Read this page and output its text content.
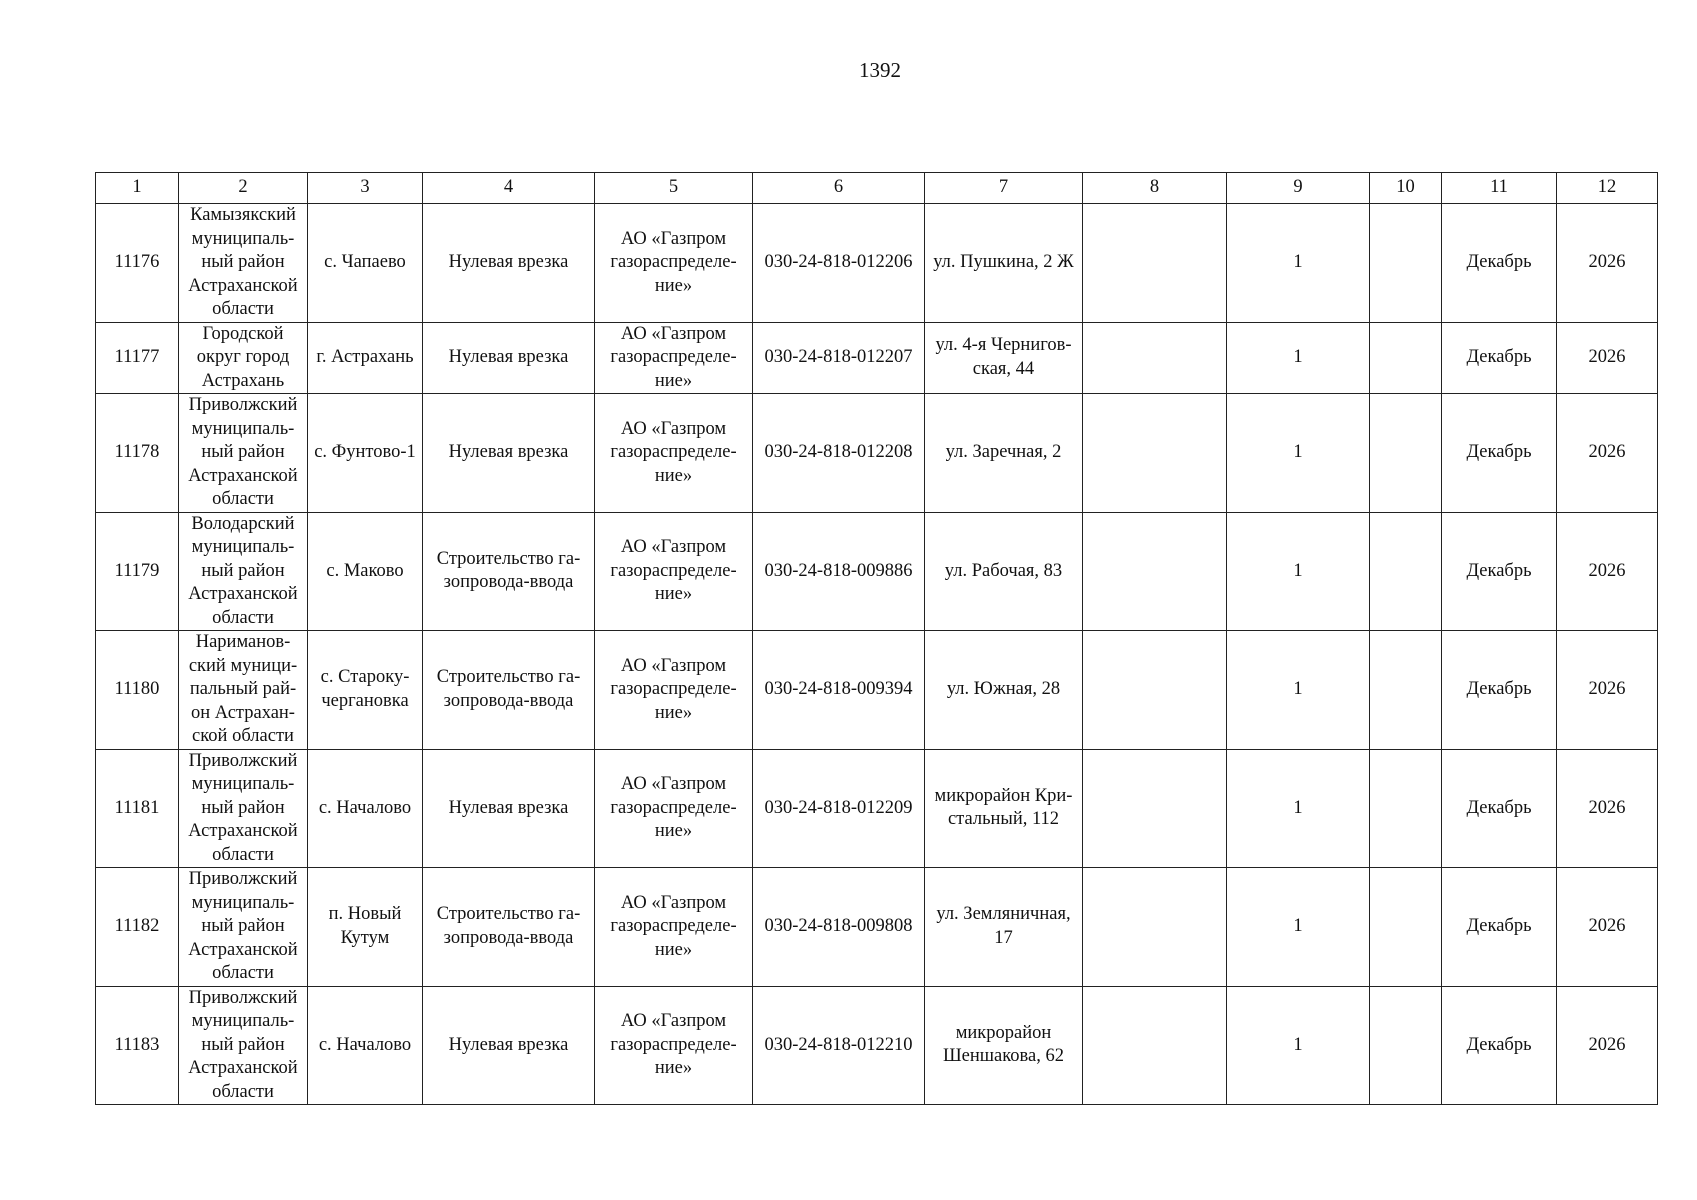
1392
1	2	3	4	5	6	7	8	9	10	11	12

11176	Камызякский
муниципаль-
ный район
Астраханской
области	с. Чапаево	Нулевая врезка	АО «Газпром
газораспределе-
ние»	030-24-818-012206	ул. Пушкина, 2 Ж		1		Декабрь	2026

11177	Городской
округ город
Астрахань	г. Астрахань	Нулевая врезка	АО «Газпром
газораспределе-
ние»	030-24-818-012207	ул. 4-я Чернигов-
ская, 44		1		Декабрь	2026

11178	Приволжский
муниципаль-
ный район
Астраханской
области	с. Фунтово-1	Нулевая врезка	АО «Газпром
газораспределе-
ние»	030-24-818-012208	ул. Заречная, 2		1		Декабрь	2026

11179	Володарский
муниципаль-
ный район
Астраханской
области	с. Маково	Строительство га-
зопровода-ввода	АО «Газпром
газораспределе-
ние»	030-24-818-009886	ул. Рабочая, 83		1		Декабрь	2026

11180	Нариманов-
ский муници-
пальный рай-
он Астрахан-
ской области	с. Староку-
чергановка	Строительство га-
зопровода-ввода	АО «Газпром
газораспределе-
ние»	030-24-818-009394	ул. Южная, 28		1		Декабрь	2026

11181	Приволжский
муниципаль-
ный район
Астраханской
области	с. Началово	Нулевая врезка	АО «Газпром
газораспределе-
ние»	030-24-818-012209	микрорайон Кри-
стальный, 112		1		Декабрь	2026

11182	Приволжский
муниципаль-
ный район
Астраханской
области	п. Новый
Кутум	Строительство га-
зопровода-ввода	АО «Газпром
газораспределе-
ние»	030-24-818-009808	ул. Земляничная,
17		1		Декабрь	2026

11183	Приволжский
муниципаль-
ный район
Астраханской
области	с. Началово	Нулевая врезка	АО «Газпром
газораспределе-
ние»	030-24-818-012210	микрорайон
Шеншакова, 62		1		Декабрь	2026
